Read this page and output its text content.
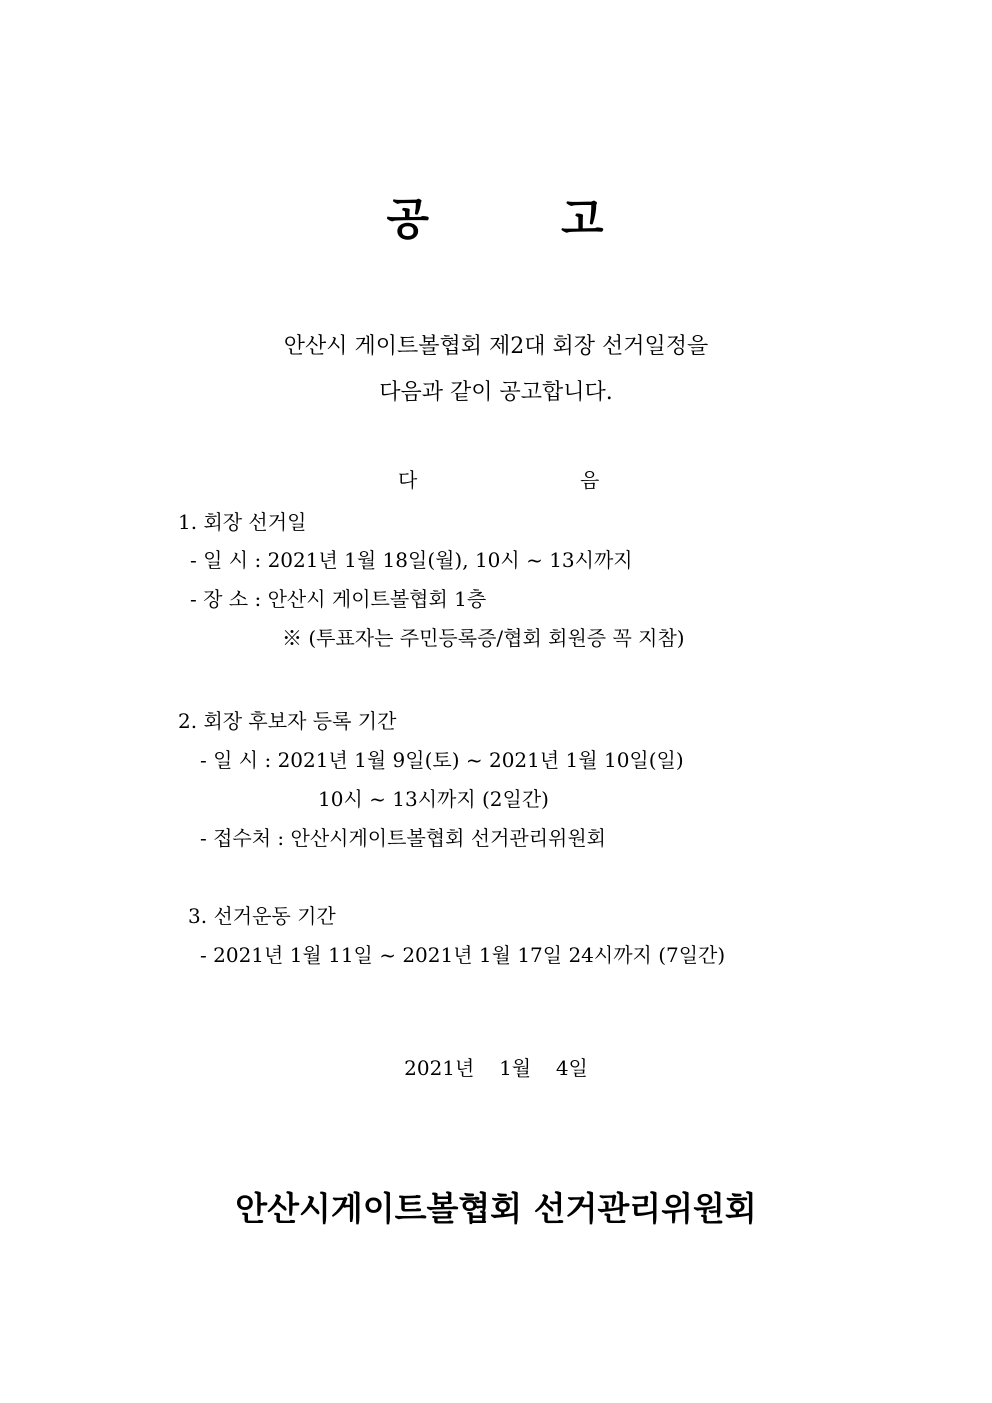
공	고
안산시 게이트볼협회 제2대 회장 선거일정을
다음과 같이 공고합니다.
다	음
1. 회장 선거일
- 일 시 : 2021년 1월 18일(월), 10시 ~ 13시까지
- 장 소 : 안산시 게이트볼협회 1층
※ (투표자는 주민등록증/협회 회원증 꼭 지참)
2. 회장 후보자 등록 기간
- 일 시 : 2021년 1월 9일(토) ~ 2021년 1월 10일(일)
10시 ~ 13시까지 (2일간)
- 접수처 : 안산시게이트볼협회 선거관리위원회
3. 선거운동 기간
- 2021년 1월 11일 ~ 2021년 1월 17일 24시까지 (7일간)
2021년 1월 4일
안산시게이트볼협회 선거관리위원회
